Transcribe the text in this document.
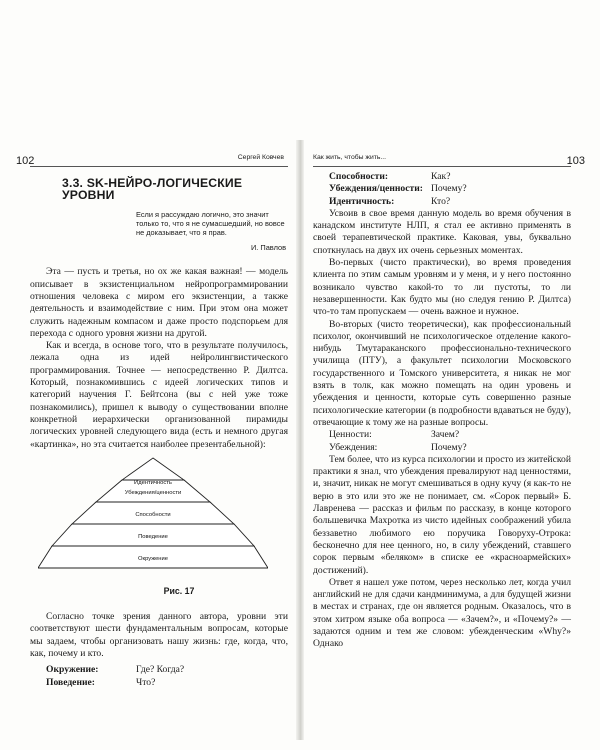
102	Сергей Ковчев
3.3. SK-НЕЙРО-ЛОГИЧЕСКИЕ УРОВНИ
Если я рассуждаю логично, это значит только то, что я не сумасшедший, но вовсе не доказывает, что я прав.
И. Павлов

Эта — пусть и третья, но ох же какая важная! — модель описывает в экзистенциальном нейропрограммировании отношения человека с миром его экзистенции, а также деятельность и взаимодействие с ним. При этом она может служить надежным компасом и даже просто подспорьем для перехода с одного уровня жизни на другой.

Как и всегда, в основе того, что в результате получилось, лежала одна из идей нейролингвистического программирования. Точнее — непосредственно Р. Дилтса. Который, познакомившись с идеей логических типов и категорий научения Г. Бейтсона (вы с ней уже тоже познакомились), пришел к выводу о существовании вполне конкретной иерархически организованной пирамиды логических уровней следующего вида (есть и немного другая «картинка», но эта считается наиболее презентабельной):

Идентичность
Убеждения/ценности
Способности
Поведение
Окружение
Рис. 17

Согласно точке зрения данного автора, уровни эти соответствуют шести фундаментальным вопросам, которые мы задаем, чтобы организовать нашу жизнь: где, когда, что, как, почему и кто.

Окружение:	Где? Когда?
Поведение:	Что?
Как жить, чтобы жить...	103
Способности:	Как?
Убеждения/ценности: Почему?
Идентичность:	Кто?

Усвоив в свое время данную модель во время обучения в канадском институте НЛП, я стал ее активно применять в своей терапевтической практике. Каковая, увы, буквально споткнулась на двух их очень серьезных моментах.

Во-первых (чисто практически), во время проведения клиента по этим самым уровням и у меня, и у него постоянно возникало чувство какой-то то ли пустоты, то ли незавершенности. Как будто мы (но следуя гению Р. Дилтса) что-то там пропускаем — очень важное и нужное.

Во-вторых (чисто теоретически), как профессиональный психолог, окончивший не психологическое отделение какого-нибудь Тмутараканского профессионально-технического училища (ПТУ), а факультет психологии Московского государственного и Томского университета, я никак не мог взять в толк, как можно помещать на один уровень и убеждения и ценности, которые суть совершенно разные психологические категории (в подробности вдаваться не буду), отвечающие к тому же на разные вопросы.

Ценности:	Зачем?
Убеждения:	Почему?

Тем более, что из курса психологии и просто из житейской практики я знал, что убеждения превалируют над ценностями, и, значит, никак не могут смешиваться в одну кучу (я как-то не верю в это или это же не понимает, см. «Сорок первый» Б. Лавренева — рассказ и фильм по рассказу, в конце которого большевичка Махротка из чисто идейных соображений убила беззаветно любимого ею поручика Говоруху-Отрока: бесконечно для нее ценного, но, в силу убеждений, ставшего сорок первым «беляком» в списке ее «красноармейских» достижений).

Ответ я нашел уже потом, через несколько лет, когда учил английский не для сдачи кандминимума, а для будущей жизни в местах и странах, где он является родным. Оказалось, что в этом хитром языке оба вопроса — «Зачем?», и «Почему?» — задаются одним и тем же словом: убежденческим «Why?» Однако
